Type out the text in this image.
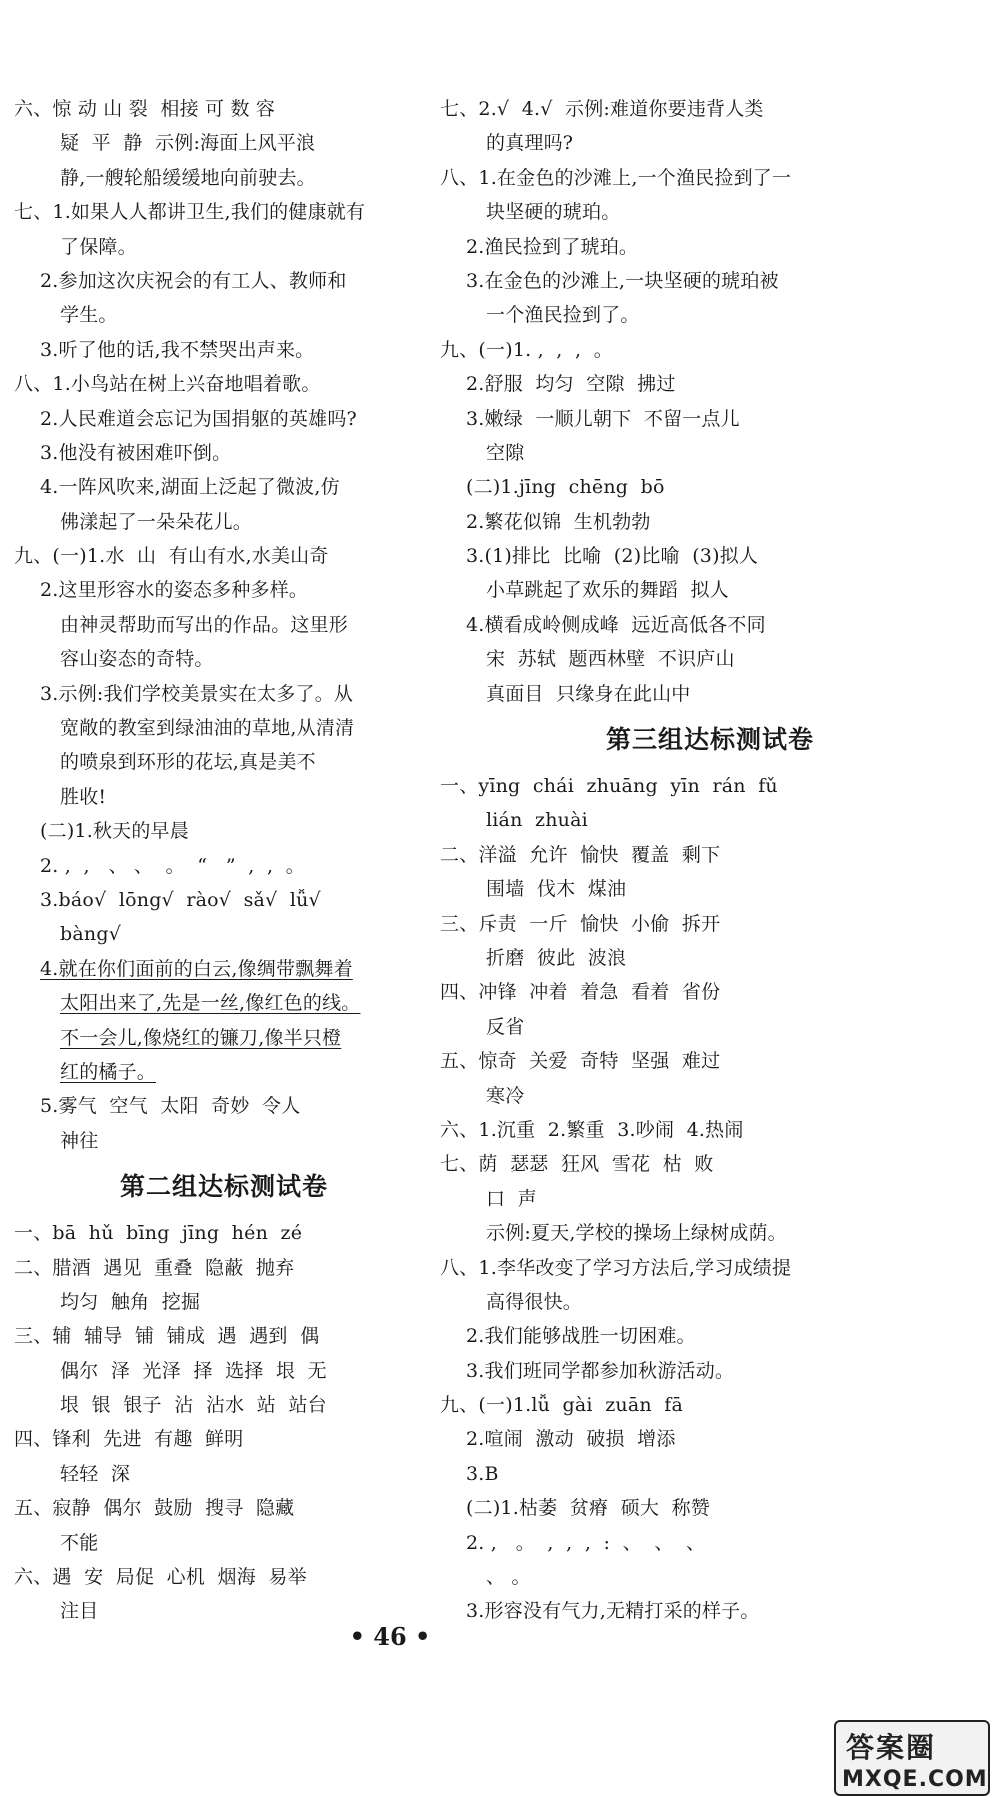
六、惊 动 山 裂  相接 可 数 容
疑  平  静  示例:海面上风平浪
静,一艘轮船缓缓地向前驶去。
七、1.如果人人都讲卫生,我们的健康就有
了保障。
2.参加这次庆祝会的有工人、教师和
学生。
3.听了他的话,我不禁哭出声来。
八、1.小鸟站在树上兴奋地唱着歌。
2.人民难道会忘记为国捐躯的英雄吗?
3.他没有被困难吓倒。
4.一阵风吹来,湖面上泛起了微波,仿
佛漾起了一朵朵花儿。
九、(一)1.水  山  有山有水,水美山奇
2.这里形容水的姿态多种多样。
由神灵帮助而写出的作品。这里形
容山姿态的奇特。
3.示例:我们学校美景实在太多了。从
宽敞的教室到绿油油的草地,从清清
的喷泉到环形的花坛,真是美不
胜收!
(二)1.秋天的早晨
2. ,  ,   、 、  。  “   ”  ,  ,  。
3.báo√  lōng√  rào√  sǎ√  lǚ√
bàng√
4.就在你们面前的白云,像绸带飘舞着
太阳出来了,先是一丝,像红色的线。
不一会儿,像烧红的镰刀,像半只橙
红的橘子。
5.雾气  空气  太阳  奇妙  令人
神往
第二组达标测试卷
一、bā  hǔ  bīng  jīng  hén  zé
二、腊酒  遇见  重叠  隐蔽  抛弃
均匀  触角  挖掘
三、辅  辅导  铺  铺成  遇  遇到  偶
偶尔  泽  光泽  择  选择  垠  无
垠  银  银子  沾  沾水  站  站台
四、锋利  先进  有趣  鲜明
轻轻  深
五、寂静  偶尔  鼓励  搜寻  隐藏
不能
六、遇  安  局促  心机  烟海  易举
注目
七、2.√  4.√  示例:难道你要违背人类
的真理吗?
八、1.在金色的沙滩上,一个渔民捡到了一
块坚硬的琥珀。
2.渔民捡到了琥珀。
3.在金色的沙滩上,一块坚硬的琥珀被
一个渔民捡到了。
九、(一)1. ,  ,  ,  。
2.舒服  均匀  空隙  拂过
3.嫩绿  一顺儿朝下  不留一点儿
空隙
(二)1.jīng  chēng  bō
2.繁花似锦  生机勃勃
3.(1)排比  比喻  (2)比喻  (3)拟人
小草跳起了欢乐的舞蹈  拟人
4.横看成岭侧成峰  远近高低各不同
宋  苏轼  题西林壁  不识庐山
真面目  只缘身在此山中
第三组达标测试卷
一、yīng  chái  zhuāng  yīn  rán  fǔ
lián  zhuài
二、洋溢  允许  愉快  覆盖  剩下
围墙  伐木  煤油
三、斥责  一斤  愉快  小偷  拆开
折磨  彼此  波浪
四、冲锋  冲着  着急  看着  省份
反省
五、惊奇  关爱  奇特  坚强  难过
寒冷
六、1.沉重  2.繁重  3.吵闹  4.热闹
七、荫  瑟瑟  狂风  雪花  枯  败
口  声
示例:夏天,学校的操场上绿树成荫。
八、1.李华改变了学习方法后,学习成绩提
高得很快。
2.我们能够战胜一切困难。
3.我们班同学都参加秋游活动。
九、(一)1.lǚ  gài  zuān  fā
2.喧闹  激动  破损  增添
3.B
(二)1.枯萎  贫瘠  硕大  称赞
2. ,   。  ,  ,  ,  :  、  、  、
、 。
3.形容没有气力,无精打采的样子。
• 46 •
答案圈
MXQE.COM
